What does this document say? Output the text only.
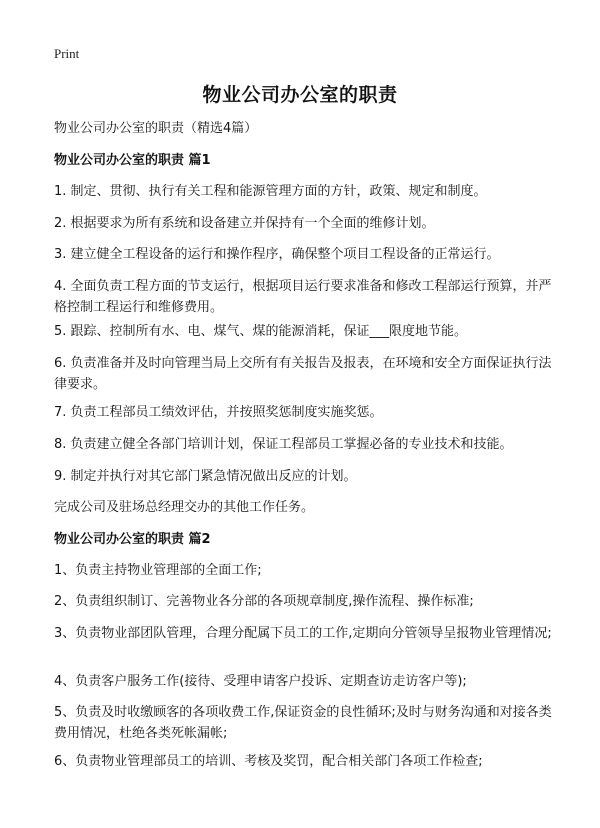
Print
物业公司办公室的职责
物业公司办公室的职责（精选4篇）
物业公司办公室的职责 篇1
1. 制定、贯彻、执行有关工程和能源管理方面的方针，政策、规定和制度。
2. 根据要求为所有系统和设备建立并保持有一个全面的维修计划。
3. 建立健全工程设备的运行和操作程序，确保整个项目工程设备的正常运行。
4. 全面负责工程方面的节支运行，根据项目运行要求准备和修改工程部运行预算，并严格控制工程运行和维修费用。
5. 跟踪、控制所有水、电、煤气、煤的能源消耗，保证___限度地节能。
6. 负责准备并及时向管理当局上交所有有关报告及报表，在环境和安全方面保证执行法律要求。
7. 负责工程部员工绩效评估，并按照奖惩制度实施奖惩。
8. 负责建立健全各部门培训计划，保证工程部员工掌握必备的专业技术和技能。
9. 制定并执行对其它部门紧急情况做出反应的计划。
完成公司及驻场总经理交办的其他工作任务。
物业公司办公室的职责 篇2
1、负责主持物业管理部的全面工作;
2、负责组织制订、完善物业各分部的各项规章制度,操作流程、操作标准;
3、负责物业部团队管理，合理分配属下员工的工作,定期向分管领导呈报物业管理情况;
4、负责客户服务工作(接待、受理申请客户投诉、定期查访走访客户等);
5、负责及时收缴顾客的各项收费工作,保证资金的良性循环;及时与财务沟通和对接各类费用情况，杜绝各类死帐漏帐;
6、负责物业管理部员工的培训、考核及奖罚，配合相关部门各项工作检查;
